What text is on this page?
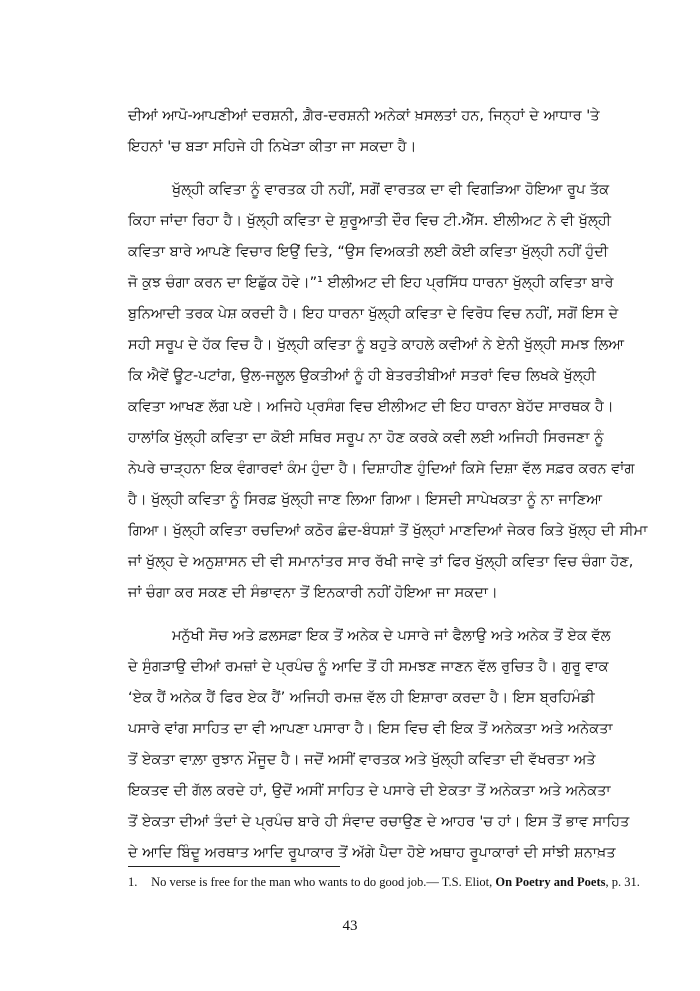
ਦੀਆਂ ਆਪੋ-ਆਪਣੀਆਂ ਦਰਸ਼ਨੀ, ਗ਼ੈਰ-ਦਰਸ਼ਨੀ ਅਨੇਕਾਂ ਖ਼ਸਲਤਾਂ ਹਨ, ਜਿਨ੍ਹਾਂ ਦੇ ਆਧਾਰ 'ਤੇ
ਇਹਨਾਂ 'ਚ ਬੜਾ ਸਹਿਜੇ ਹੀ ਨਿਖੇੜਾ ਕੀਤਾ ਜਾ ਸਕਦਾ ਹੈ।
ਖੁੱਲ੍ਹੀ ਕਵਿਤਾ ਨੂੰ ਵਾਰਤਕ ਹੀ ਨਹੀਂ, ਸਗੋਂ ਵਾਰਤਕ ਦਾ ਵੀ ਵਿਗੜਿਆ ਹੋਇਆ ਰੂਪ ਤੱਕ
ਕਿਹਾ ਜਾਂਦਾ ਰਿਹਾ ਹੈ। ਖੁੱਲ੍ਹੀ ਕਵਿਤਾ ਦੇ ਸ਼ੁਰੂਆਤੀ ਦੌਰ ਵਿਚ ਟੀ.ਐੱਸ. ਈਲੀਅਟ ਨੇ ਵੀ ਖੁੱਲ੍ਹੀ
ਕਵਿਤਾ ਬਾਰੇ ਆਪਣੇ ਵਿਚਾਰ ਇਉਂ ਦਿਤੇ, “ਉਸ ਵਿਅਕਤੀ ਲਈ ਕੋਈ ਕਵਿਤਾ ਖੁੱਲ੍ਹੀ ਨਹੀਂ ਹੁੰਦੀ
ਜੋ ਕੁਝ ਚੰਗਾ ਕਰਨ ਦਾ ਇਛੁੱਕ ਹੋਵੇ।”¹ ਈਲੀਅਟ ਦੀ ਇਹ ਪ੍ਰਸਿੱਧ ਧਾਰਨਾ ਖੁੱਲ੍ਹੀ ਕਵਿਤਾ ਬਾਰੇ
ਬੁਨਿਆਦੀ ਤਰਕ ਪੇਸ਼ ਕਰਦੀ ਹੈ। ਇਹ ਧਾਰਨਾ ਖੁੱਲ੍ਹੀ ਕਵਿਤਾ ਦੇ ਵਿਰੋਧ ਵਿਚ ਨਹੀਂ, ਸਗੋਂ ਇਸ ਦੇ
ਸਹੀ ਸਰੂਪ ਦੇ ਹੱਕ ਵਿਚ ਹੈ। ਖੁੱਲ੍ਹੀ ਕਵਿਤਾ ਨੂੰ ਬਹੁਤੇ ਕਾਹਲੇ ਕਵੀਆਂ ਨੇ ਏਨੀ ਖੁੱਲ੍ਹੀ ਸਮਝ ਲਿਆ
ਕਿ ਐਵੇਂ ਊਟ-ਪਟਾਂਗ, ਉਲ-ਜਲੂਲ ਉਕਤੀਆਂ ਨੂੰ ਹੀ ਬੇਤਰਤੀਬੀਆਂ ਸਤਰਾਂ ਵਿਚ ਲਿਖਕੇ ਖੁੱਲ੍ਹੀ
ਕਵਿਤਾ ਆਖਣ ਲੱਗ ਪਏ। ਅਜਿਹੇ ਪ੍ਰਸੰਗ ਵਿਚ ਈਲੀਅਟ ਦੀ ਇਹ ਧਾਰਨਾ ਬੇਹੱਦ ਸਾਰਥਕ ਹੈ।
ਹਾਲਾਂਕਿ ਖੁੱਲ੍ਹੀ ਕਵਿਤਾ ਦਾ ਕੋਈ ਸਥਿਰ ਸਰੂਪ ਨਾ ਹੋਣ ਕਰਕੇ ਕਵੀ ਲਈ ਅਜਿਹੀ ਸਿਰਜਣਾ ਨੂੰ
ਨੇਪਰੇ ਚਾੜ੍ਹਨਾ ਇਕ ਵੰਗਾਰਵਾਂ ਕੰਮ ਹੁੰਦਾ ਹੈ। ਦਿਸ਼ਾਹੀਣ ਹੁੰਦਿਆਂ ਕਿਸੇ ਦਿਸ਼ਾ ਵੱਲ ਸਫ਼ਰ ਕਰਨ ਵਾਂਗ
ਹੈ। ਖੁੱਲ੍ਹੀ ਕਵਿਤਾ ਨੂੰ ਸਿਰਫ਼ ਖੁੱਲ੍ਹੀ ਜਾਣ ਲਿਆ ਗਿਆ। ਇਸਦੀ ਸਾਪੇਖਕਤਾ ਨੂੰ ਨਾ ਜਾਣਿਆ
ਗਿਆ। ਖੁੱਲ੍ਹੀ ਕਵਿਤਾ ਰਚਦਿਆਂ ਕਠੋਰ ਛੰਦ-ਬੰਧਸ਼ਾਂ ਤੋਂ ਖੁੱਲ੍ਹਾਂ ਮਾਣਦਿਆਂ ਜੇਕਰ ਕਿਤੇ ਖੁੱਲ੍ਹ ਦੀ ਸੀਮਾ
ਜਾਂ ਖੁੱਲ੍ਹ ਦੇ ਅਨੁਸ਼ਾਸਨ ਦੀ ਵੀ ਸਮਾਨਾਂਤਰ ਸਾਰ ਰੱਖੀ ਜਾਵੇ ਤਾਂ ਫਿਰ ਖੁੱਲ੍ਹੀ ਕਵਿਤਾ ਵਿਚ ਚੰਗਾ ਹੋਣ,
ਜਾਂ ਚੰਗਾ ਕਰ ਸਕਣ ਦੀ ਸੰਭਾਵਨਾ ਤੋਂ ਇਨਕਾਰੀ ਨਹੀਂ ਹੋਇਆ ਜਾ ਸਕਦਾ।
ਮਨੁੱਖੀ ਸੋਚ ਅਤੇ ਫ਼ਲਸਫ਼ਾ ਇਕ ਤੋਂ ਅਨੇਕ ਦੇ ਪਸਾਰੇ ਜਾਂ ਫੈਲਾਉ ਅਤੇ ਅਨੇਕ ਤੋਂ ਏਕ ਵੱਲ
ਦੇ ਸੁੰਗੜਾਉ ਦੀਆਂ ਰਮਜ਼ਾਂ ਦੇ ਪ੍ਰਪੰਚ ਨੂੰ ਆਦਿ ਤੋਂ ਹੀ ਸਮਝਣ ਜਾਣਨ ਵੱਲ ਰੁਚਿਤ ਹੈ। ਗੁਰੂ ਵਾਕ
‘ਏਕ ਹੈਂ ਅਨੇਕ ਹੈਂ ਫਿਰ ਏਕ ਹੈਂ’ ਅਜਿਹੀ ਰਮਜ਼ ਵੱਲ ਹੀ ਇਸ਼ਾਰਾ ਕਰਦਾ ਹੈ। ਇਸ ਬ੍ਰਹਿਮੰਡੀ
ਪਸਾਰੇ ਵਾਂਗ ਸਾਹਿਤ ਦਾ ਵੀ ਆਪਣਾ ਪਸਾਰਾ ਹੈ। ਇਸ ਵਿਚ ਵੀ ਇਕ ਤੋਂ ਅਨੇਕਤਾ ਅਤੇ ਅਨੇਕਤਾ
ਤੋਂ ਏਕਤਾ ਵਾਲ਼ਾ ਰੁਝਾਨ ਮੌਜੂਦ ਹੈ। ਜਦੋਂ ਅਸੀਂ ਵਾਰਤਕ ਅਤੇ ਖੁੱਲ੍ਹੀ ਕਵਿਤਾ ਦੀ ਵੱਖਰਤਾ ਅਤੇ
ਇਕਤਵ ਦੀ ਗੱਲ ਕਰਦੇ ਹਾਂ, ਉਦੋਂ ਅਸੀਂ ਸਾਹਿਤ ਦੇ ਪਸਾਰੇ ਦੀ ਏਕਤਾ ਤੋਂ ਅਨੇਕਤਾ ਅਤੇ ਅਨੇਕਤਾ
ਤੋਂ ਏਕਤਾ ਦੀਆਂ ਤੰਦਾਂ ਦੇ ਪ੍ਰਪੰਚ ਬਾਰੇ ਹੀ ਸੰਵਾਦ ਰਚਾਉਣ ਦੇ ਆਹਰ 'ਚ ਹਾਂ। ਇਸ ਤੋਂ ਭਾਵ ਸਾਹਿਤ
ਦੇ ਆਦਿ ਬਿੰਦੂ ਅਰਥਾਤ ਆਦਿ ਰੂਪਾਕਾਰ ਤੋਂ ਅੱਗੇ ਪੈਦਾ ਹੋਏ ਅਥਾਹ ਰੂਪਾਕਾਰਾਂ ਦੀ ਸਾਂਝੀ ਸ਼ਨਾਖ਼ਤ
1. No verse is free for the man who wants to do good job.— T.S. Eliot, On Poetry and Poets, p. 31.
43
